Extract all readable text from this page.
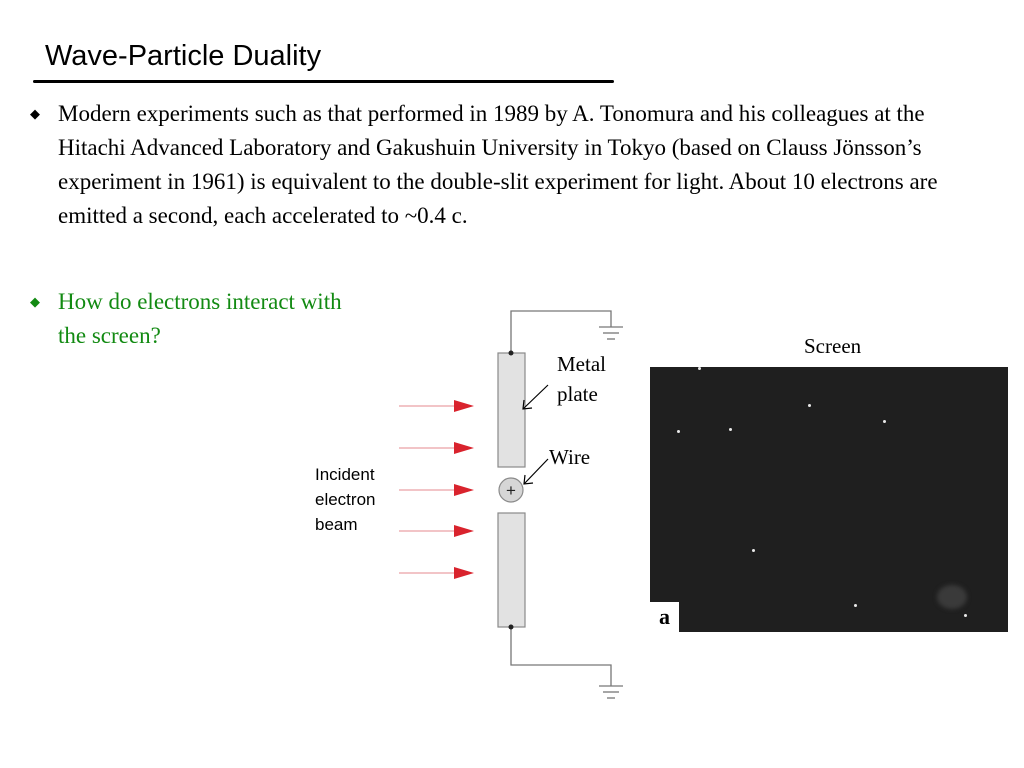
Wave-Particle Duality
◆ Modern experiments such as that performed in 1989 by A. Tonomura and his colleagues at the Hitachi Advanced Laboratory and Gakushuin University in Tokyo (based on Clauss Jönsson’s experiment in 1961) is equivalent to the double-slit experiment for light. About 10 electrons are emitted a second, each accelerated to ~0.4 c.

◆ How do electrons interact with the screen?

+

Incident
electron
beam

Metal
plate

Wire

Screen

a
